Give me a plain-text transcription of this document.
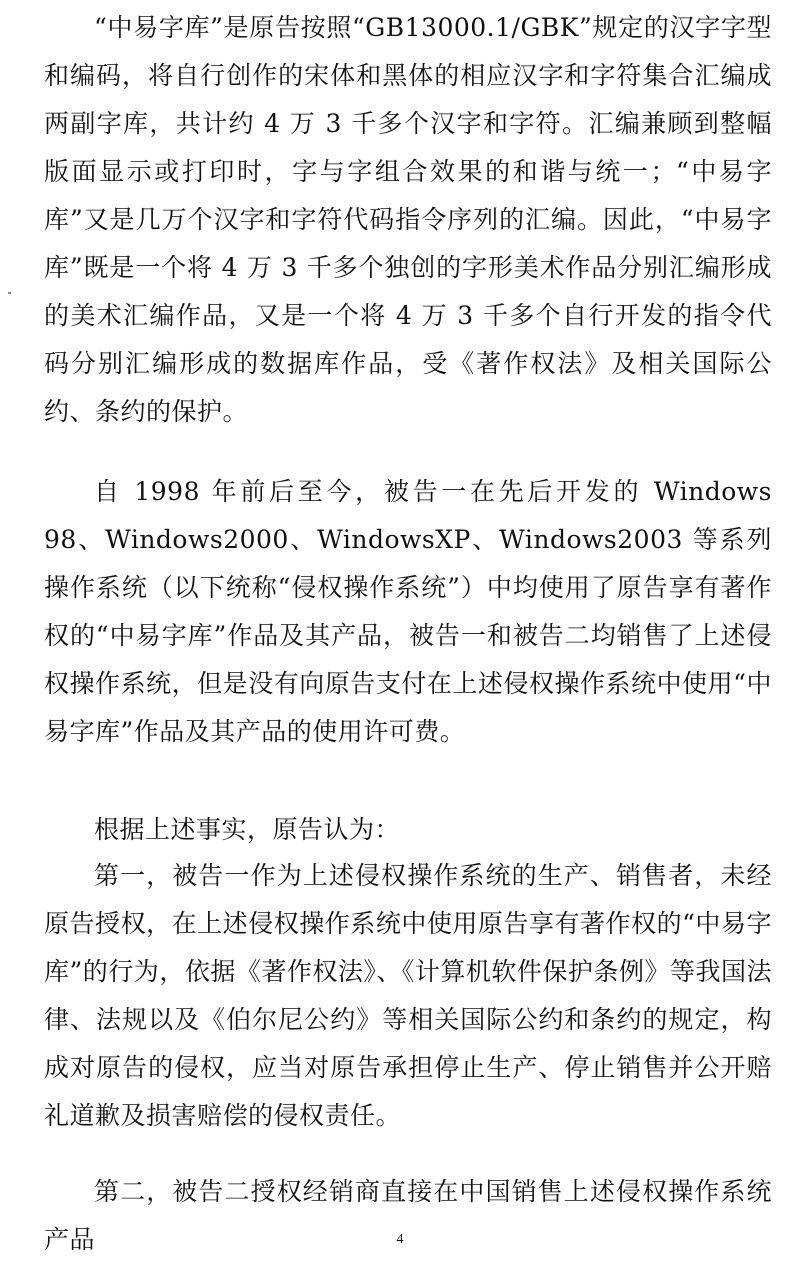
“中易字库”是原告按照“GB13000.1/GBK”规定的汉字字型和编码，将自行创作的宋体和黑体的相应汉字和字符集合汇编成两副字库，共计约 4 万 3 千多个汉字和字符。汇编兼顾到整幅版面显示或打印时，字与字组合效果的和谐与统一；“中易字库”又是几万个汉字和字符代码指令序列的汇编。因此，“中易字库”既是一个将 4 万 3 千多个独创的字形美术作品分别汇编形成的美术汇编作品，又是一个将 4 万 3 千多个自行开发的指令代码分别汇编形成的数据库作品，受《著作权法》及相关国际公约、条约的保护。

自 1998 年前后至今，被告一在先后开发的 Windows 98、Windows2000、WindowsXP、Windows2003 等系列操作系统（以下统称“侵权操作系统”）中均使用了原告享有著作权的“中易字库”作品及其产品，被告一和被告二均销售了上述侵权操作系统，但是没有向原告支付在上述侵权操作系统中使用“中易字库”作品及其产品的使用许可费。

根据上述事实，原告认为：

第一，被告一作为上述侵权操作系统的生产、销售者，未经原告授权，在上述侵权操作系统中使用原告享有著作权的“中易字库”的行为，依据《著作权法》、《计算机软件保护条例》等我国法律、法规以及《伯尔尼公约》等相关国际公约和条约的规定，构成对原告的侵权，应当对原告承担停止生产、停止销售并公开赔礼道歉及损害赔偿的侵权责任。

第二，被告二授权经销商直接在中国销售上述侵权操作系统产品	4
